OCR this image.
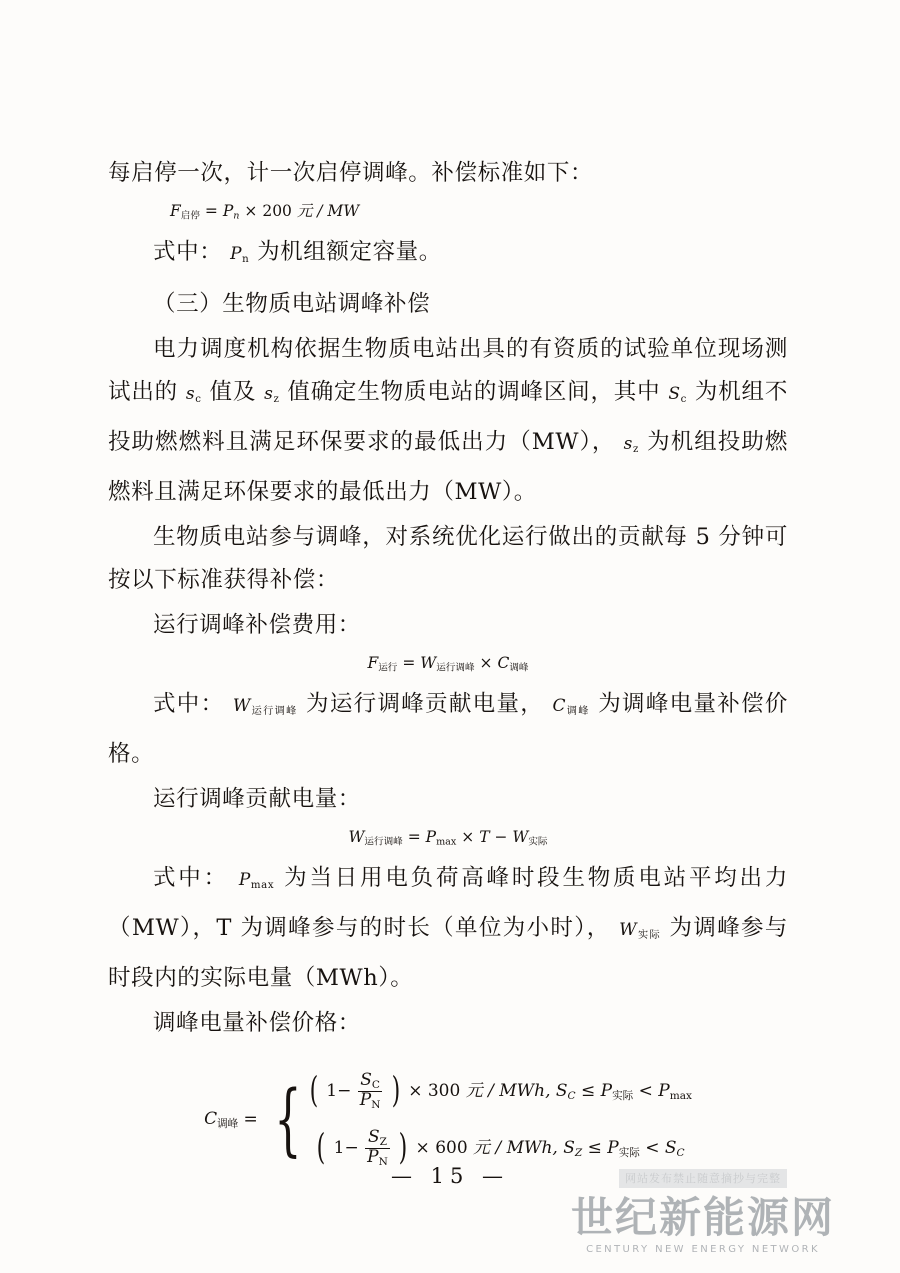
每启停一次，计一次启停调峰。补偿标准如下：

$F_{启停} = P_n \times 200$ 元 / MW

式中： $P_n$ 为机组额定容量。

（三）生物质电站调峰补偿

电力调度机构依据生物质电站出具的有资质的试验单位现场测试出的 $s_c$ 值及 $s_z$ 值确定生物质电站的调峰区间，其中 $S_c$ 为机组不投助燃燃料且满足环保要求的最低出力（MW）， $s_z$ 为机组投助燃燃料且满足环保要求的最低出力（MW）。

生物质电站参与调峰，对系统优化运行做出的贡献每 5 分钟可按以下标准获得补偿：

运行调峰补偿费用：

$F_{运行} = W_{运行调峰} \times C_{调峰}$

式中： $W_{运行调峰}$ 为运行调峰贡献电量， $C_{调峰}$ 为调峰电量补偿价格。

运行调峰贡献电量：

$W_{运行调峰} = P_{max} \times T - W_{实际}$

式中： $P_{max}$ 为当日用电负荷高峰时段生物质电站平均出力（MW），T 为调峰参与的时长（单位为小时）， $W_{实际}$ 为调峰参与时段内的实际电量（MWh）。

调峰电量补偿价格：

$C_{调峰}$ = { ( $1- \frac{S_C}{P_N}$ ) × 300 元 / MWh, $S_C \le P_{实际} < P_{max}$
( $1- \frac{S_Z}{P_N}$ ) × 600 元 / MWh, $S_Z \le P_{实际} < S_C$
— 15 —	网站发布禁止随意摘抄与完整
世纪新能源网
CENTURY NEW ENERGY NETWORK
